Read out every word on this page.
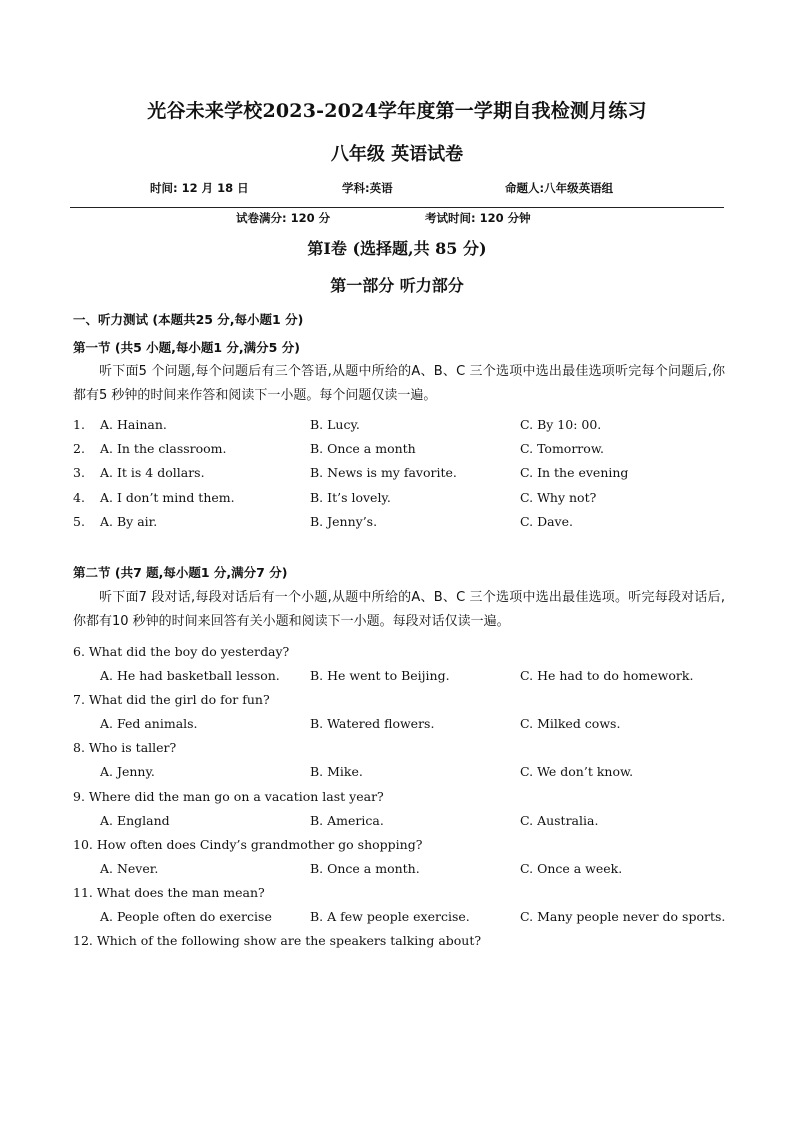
光谷未来学校2023-2024学年度第一学期自我检测月练习
八年级 英语试卷
时间: 12 月 18 日	学科:英语	命题人:八年级英语组
试卷满分: 120 分	考试时间: 120 分钟
第Ⅰ卷 (选择题,共 85 分)
第一部分 听力部分
一、听力测试 (本题共25 分,每小题1 分)
第一节 (共5 小题,每小题1 分,满分5 分)
听下面5 个问题,每个问题后有三个答语,从题中所给的A、B、C 三个选项中选出最佳选项听完每个问题后,你都有5 秒钟的时间来作答和阅读下一小题。每个问题仅读一遍。
1. A. Hainan.	B. Lucy.	C. By 10: 00.
2. A. In the classroom.	B. Once a month	C. Tomorrow.
3. A. It is 4 dollars.	B. News is my favorite.	C. In the evening
4. A. I don’t mind them.	B. It’s lovely.	C. Why not?
5. A. By air.	B. Jenny’s.	C. Dave.
第二节 (共7 题,每小题1 分,满分7 分)
听下面7 段对话,每段对话后有一个小题,从题中所给的A、B、C 三个选项中选出最佳选项。听完每段对话后,你都有10 秒钟的时间来回答有关小题和阅读下一小题。每段对话仅读一遍。
6. What did the boy do yesterday?
A. He had basketball lesson. B. He went to Beijing.	C. He had to do homework.
7. What did the girl do for fun?
A. Fed animals.	B. Watered flowers.	C. Milked cows.
8. Who is taller?
A. Jenny.	B. Mike.	C. We don’t know.
9. Where did the man go on a vacation last year?
A. England	B. America.	C. Australia.
10. How often does Cindy’s grandmother go shopping?
A. Never.	B. Once a month.	C. Once a week.
11. What does the man mean?
A. People often do exercise	B. A few people exercise.	C. Many people never do sports.
12. Which of the following show are the speakers talking about?
